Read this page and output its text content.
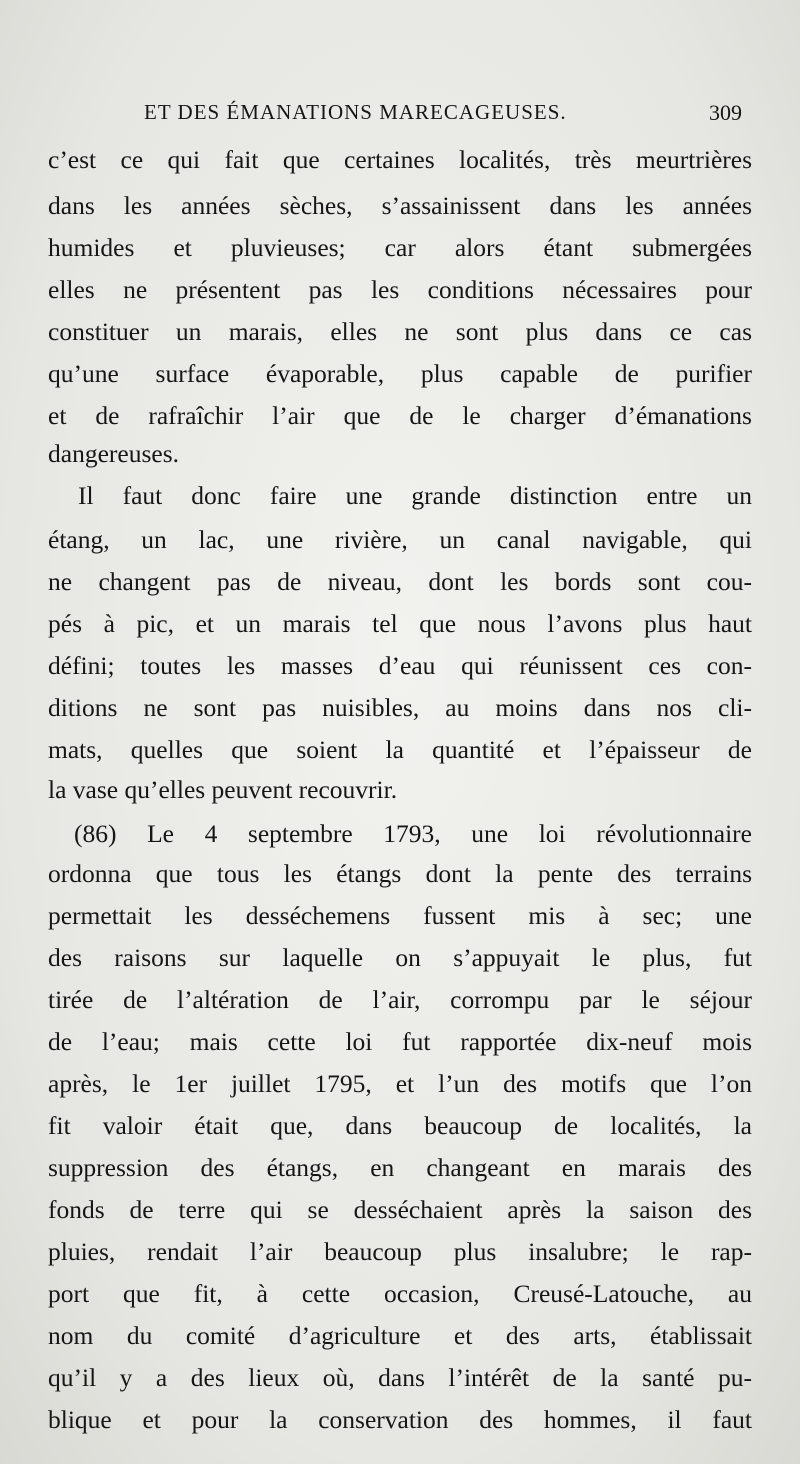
ET DES ÉMANATIONS MARECAGEUSES.	309
c’est ce qui fait que certaines localités, très meurtrières
dans les années sèches, s’assainissent dans les années
humides et pluvieuses; car alors étant submergées
elles ne présentent pas les conditions nécessaires pour
constituer un marais, elles ne sont plus dans ce cas
qu’une surface évaporable, plus capable de purifier
et de rafraîchir l’air que de le charger d’émanations
dangereuses.
Il faut donc faire une grande distinction entre un
étang, un lac, une rivière, un canal navigable, qui
ne changent pas de niveau, dont les bords sont cou-
pés à pic, et un marais tel que nous l’avons plus haut
défini; toutes les masses d’eau qui réunissent ces con-
ditions ne sont pas nuisibles, au moins dans nos cli-
mats, quelles que soient la quantité et l’épaisseur de
la vase qu’elles peuvent recouvrir.
(86) Le 4 septembre 1793, une loi révolutionnaire
ordonna que tous les étangs dont la pente des terrains
permettait les desséchemens fussent mis à sec; une
des raisons sur laquelle on s’appuyait le plus, fut
tirée de l’altération de l’air, corrompu par le séjour
de l’eau; mais cette loi fut rapportée dix-neuf mois
après, le 1er juillet 1795, et l’un des motifs que l’on
fit valoir était que, dans beaucoup de localités, la
suppression des étangs, en changeant en marais des
fonds de terre qui se desséchaient après la saison des
pluies, rendait l’air beaucoup plus insalubre; le rap-
port que fit, à cette occasion, Creusé-Latouche, au
nom du comité d’agriculture et des arts, établissait
qu’il y a des lieux où, dans l’intérêt de la santé pu-
blique et pour la conservation des hommes, il faut
